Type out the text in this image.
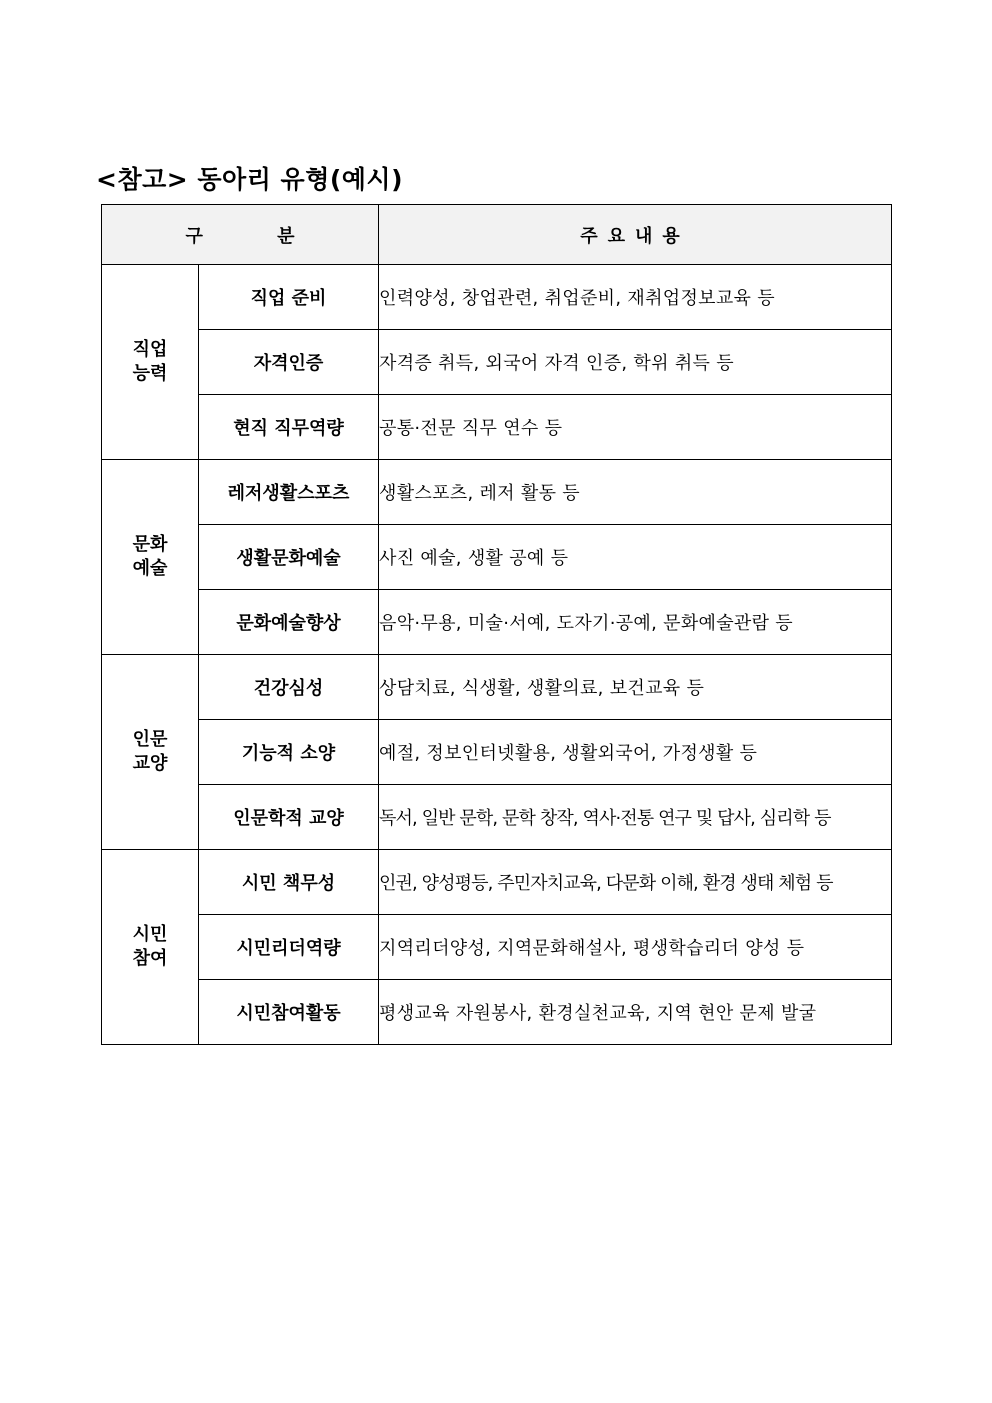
<참고> 동아리 유형(예시)
구 분		주요내용
직업
능력	직업 준비	인력양성, 창업관련, 취업준비, 재취업정보교육 등
	자격인증	자격증 취득, 외국어 자격 인증, 학위 취득 등
	현직 직무역량	공통·전문 직무 연수 등
문화
예술	레저생활스포츠	생활스포츠, 레저 활동 등
	생활문화예술	사진 예술, 생활 공예 등
	문화예술향상	음악·무용, 미술·서예, 도자기·공예, 문화예술관람 등
인문
교양	건강심성	상담치료, 식생활, 생활의료, 보건교육 등
	기능적 소양	예절, 정보인터넷활용, 생활외국어, 가정생활 등
	인문학적 교양	독서, 일반 문학, 문학 창작, 역사·전통 연구 및 답사, 심리학 등
시민
참여	시민 책무성	인권, 양성평등, 주민자치교육, 다문화 이해, 환경 생태 체험 등
	시민리더역량	지역리더양성, 지역문화해설사, 평생학습리더 양성 등
	시민참여활동	평생교육 자원봉사, 환경실천교육, 지역 현안 문제 발굴
